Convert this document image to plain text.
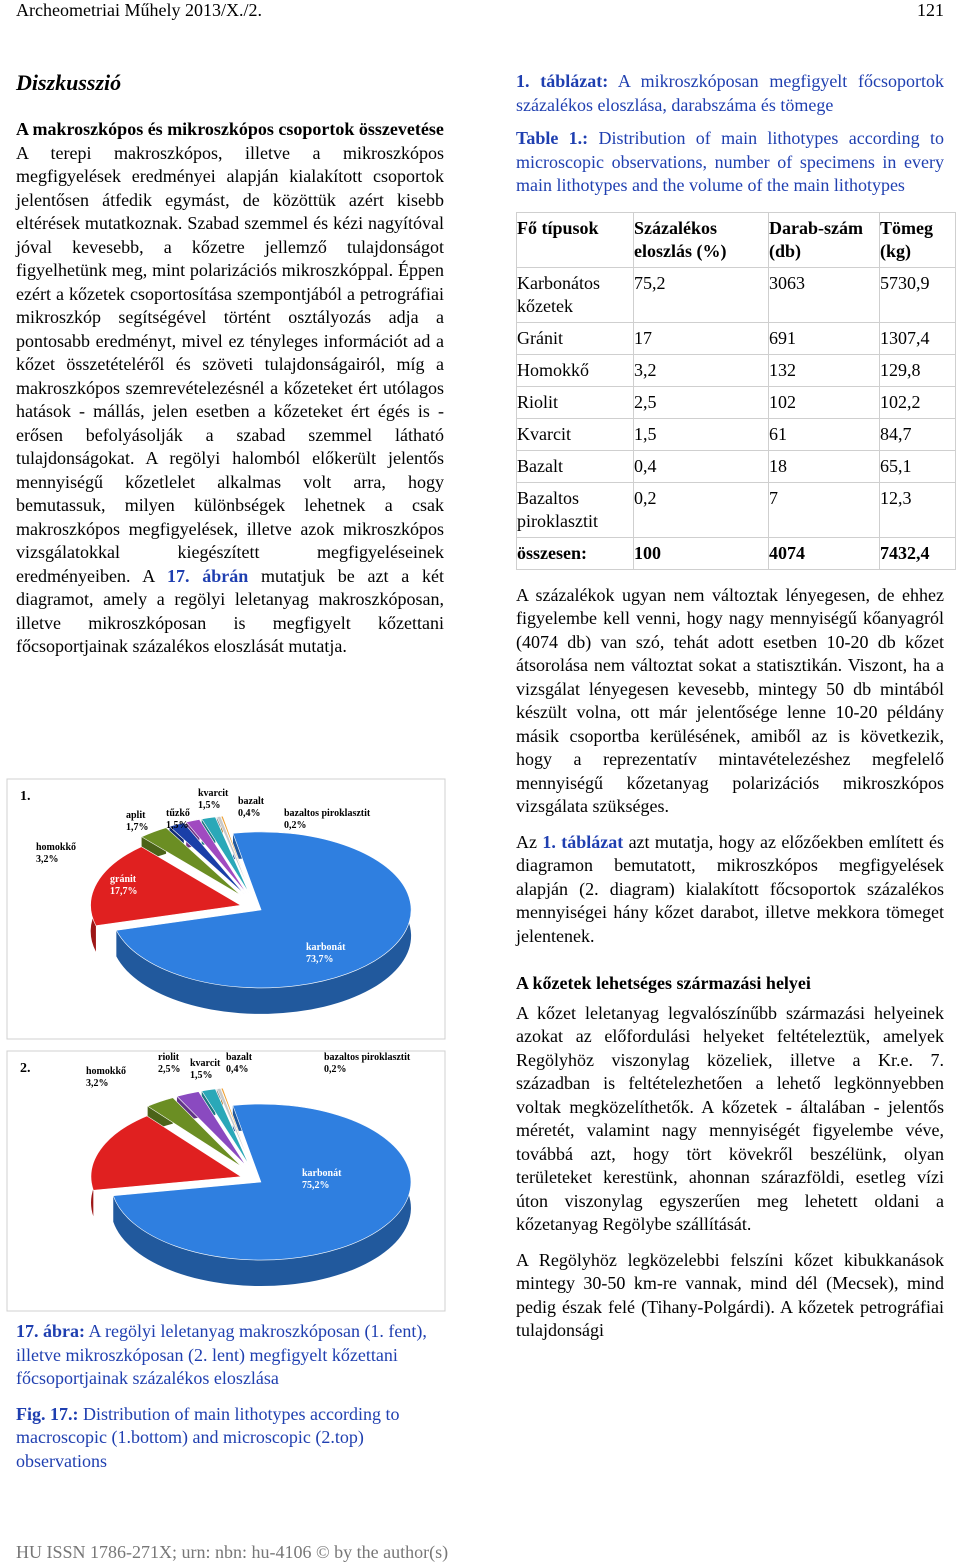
Archeometriai Műhely 2013/X./2.	121
Diszkusszió
A makroszkópos és mikroszkópos csoportok összevetése

A terepi makroszkópos, illetve a mikroszkópos megfigyelések eredményei alapján kialakított csoportok jelentősen átfedik egymást, de közöttük azért kisebb eltérések mutatkoznak. Szabad szemmel és kézi nagyítóval jóval kevesebb, a kőzetre jellemző tulajdonságot figyelhetünk meg, mint polarizációs mikroszkóppal. Éppen ezért a kőzetek csoportosítása szempontjából a petrográfiai mikroszkóp segítségével történt osztályozás adja a pontosabb eredményt, mivel ez tényleges információt ad a kőzet összetételéről és szöveti tulajdonságairól, míg a makroszkópos szemrevételezésnél a kőzeteket ért utólagos hatások - mállás, jelen esetben a kőzeteket ért égés is - erősen befolyásolják a szabad szemmel látható tulajdonságokat. A regölyi halomból előkerült jelentős mennyiségű kőzetlelet alkalmas volt arra, hogy bemutassuk, milyen különbségek lehetnek a csak makroszkópos megfigyelések, illetve azok mikroszkópos vizsgálatokkal kiegészített megfigyeléseinek eredményeiben. A 17. ábrán mutatjuk be azt a két diagramot, amely a regölyi leletanyag makroszkóposan, illetve mikroszkóposan is megfigyelt kőzettani főcsoportjainak százalékos eloszlását mutatja.

1.
karbonát 73,7%
gránit 17,7%
homokkő 3,2%
aplit 1,7%
tűzkő 1,5%
kvarcit 1,5%	bazalt 0,4%	bazaltos piroklasztit 0,2%
2.
karbonát 75,2%
gránit 17,0%
homokkő 3,2%
riolit 2,5%
kvarcit 1,5%
bazalt 0,4%
bazaltos piroklasztit 0,2%

17. ábra: A regölyi leletanyag makroszkóposan (1. fent), illetve mikroszkóposan (2. lent) megfigyelt kőzettani főcsoportjainak százalékos eloszlása

Fig. 17.: Distribution of main lithotypes according to macroscopic (1.bottom) and microscopic (2.top) observations

1. táblázat: A mikroszkóposan megfigyelt főcsoportok százalékos eloszlása, darabszáma és tömege

Table 1.: Distribution of main lithotypes according to microscopic observations, number of specimens in every main lithotypes and the volume of the main lithotypes

Fő típusok	Százalékos eloszlás (%)	Darab-szám (db)	Tömeg (kg)
Karbonátos kőzetek	75,2	3063	5730,9
Gránit	17	691	1307,4
Homokkő	3,2	132	129,8
Riolit	2,5	102	102,2
Kvarcit	1,5	61	84,7
Bazalt	0,4	18	65,1
Bazaltos piroklasztit	0,2	7	12,3
összesen:	100	4074	7432,4

A százalékok ugyan nem változtak lényegesen, de ehhez figyelembe kell venni, hogy nagy mennyiségű kőanyagról (4074 db) van szó, tehát adott esetben 10-20 db kőzet átsorolása nem változtat sokat a statisztikán. Viszont, ha a vizsgálat lényegesen kevesebb, mintegy 50 db mintából készült volna, ott már jelentősége lenne 10-20 példány másik csoportba kerülésének, amiből az is következik, hogy a reprezentatív mintavételezéshez megfelelő mennyiségű kőzetanyag polarizációs mikroszkópos vizsgálata szükséges.

Az 1. táblázat azt mutatja, hogy az előzőekben említett és diagramon bemutatott, mikroszkópos megfigyelések alapján (2. diagram) kialakított főcsoportok százalékos mennyiségei hány kőzet darabot, illetve mekkora tömeget jelentenek.

A kőzetek lehetséges származási helyei

A kőzet leletanyag legvalószínűbb származási helyeinek azokat az előfordulási helyeket feltételeztük, amelyek Regölyhöz viszonylag közeliek, illetve a Kr.e. 7. században is feltételezhetően a lehető legkönnyebben voltak megközelíthetők. A kőzetek - általában - jelentős méretét, valamint nagy mennyiségét figyelembe véve, továbbá azt, hogy tört kövekről beszélünk, olyan területeket kerestünk, ahonnan szárazföldi, esetleg vízi úton viszonylag egyszerűen meg lehetett oldani a kőzetanyag Regölybe szállítását.

A Regölyhöz legközelebbi felszíni kőzet kibukkanások mintegy 30-50 km-re vannak, mind dél (Mecsek), mind pedig észak felé (Tihany-Polgárdi). A kőzetek petrográfiai tulajdonsági

HU ISSN 1786-271X; urn: nbn: hu-4106 © by the author(s)
